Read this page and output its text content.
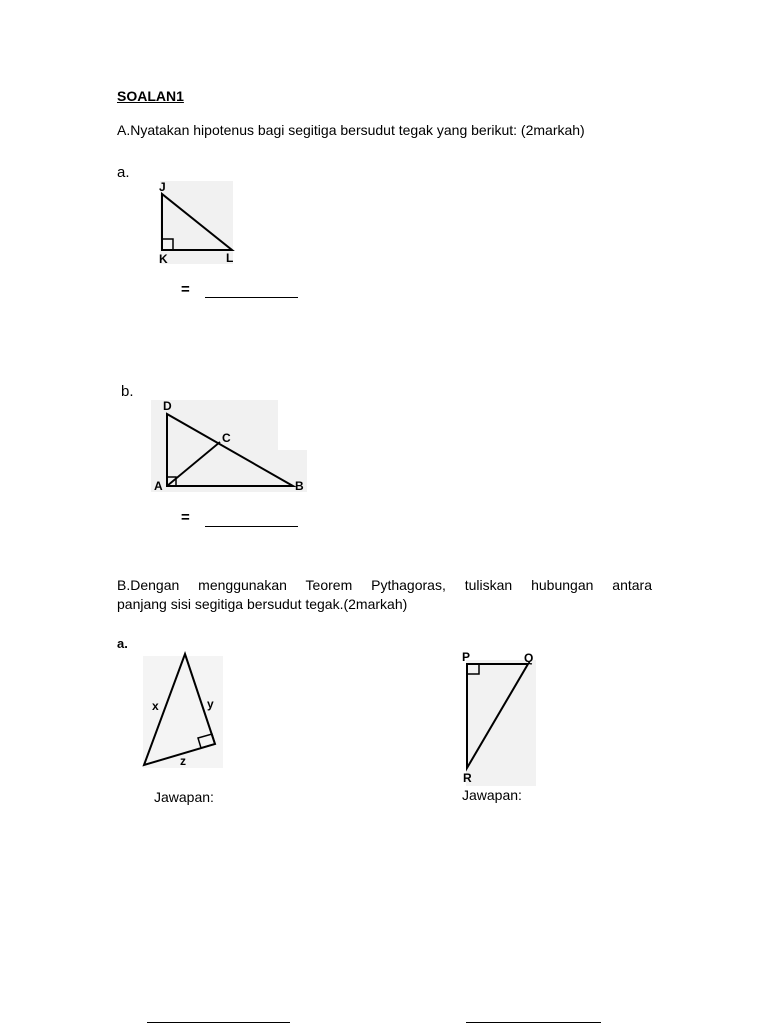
SOALAN1
A.Nyatakan hipotenus bagi segitiga bersudut tegak yang berikut: (2markah)
a.
J
K	L
=
b.
D
C
A	B
=
B.Dengan menggunakan Teorem Pythagoras, tuliskan hubungan antara
panjang sisi segitiga bersudut tegak.(2markah)
a.
x	y
z
P	Q
R
Jawapan:	Jawapan:
